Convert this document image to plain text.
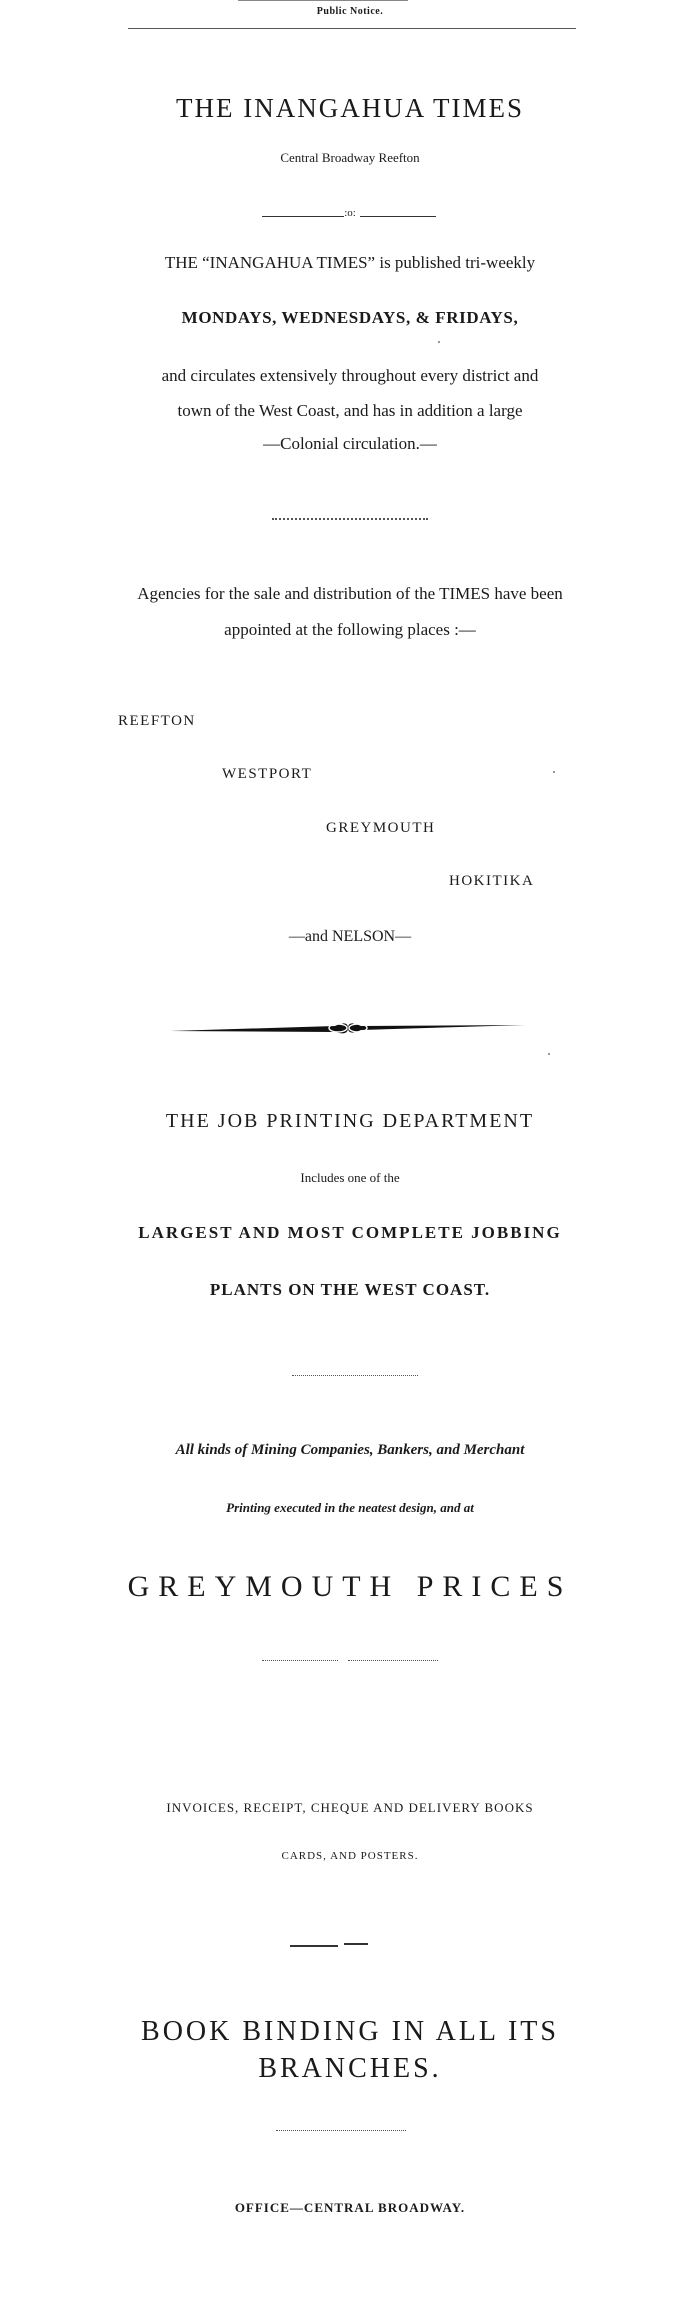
Public Notice.
THE INANGAHUA TIMES
Central Broadway Reefton
:o:
THE “INANGAHUA TIMES” is published tri-weekly
MONDAYS, WEDNESDAYS, & FRIDAYS,
and circulates extensively throughout every district and
town of the West Coast, and has in addition a large
—Colonial circulation.—
Agencies for the sale and distribution of the TIMES have been
appointed at the following places :—
REEFTON
WESTPORT
GREYMOUTH
HOKITIKA
—and NELSON—
THE JOB PRINTING DEPARTMENT
Includes one of the
LARGEST AND MOST COMPLETE JOBBING
PLANTS ON THE WEST COAST.
All kinds of Mining Companies, Bankers, and Merchant
Printing executed in the neatest design, and at
GREYMOUTH PRICES
INVOICES, RECEIPT, CHEQUE AND DELIVERY BOOKS
CARDS, AND POSTERS.
BOOK BINDING IN ALL ITS
BRANCHES.
OFFICE—CENTRAL BROADWAY.
